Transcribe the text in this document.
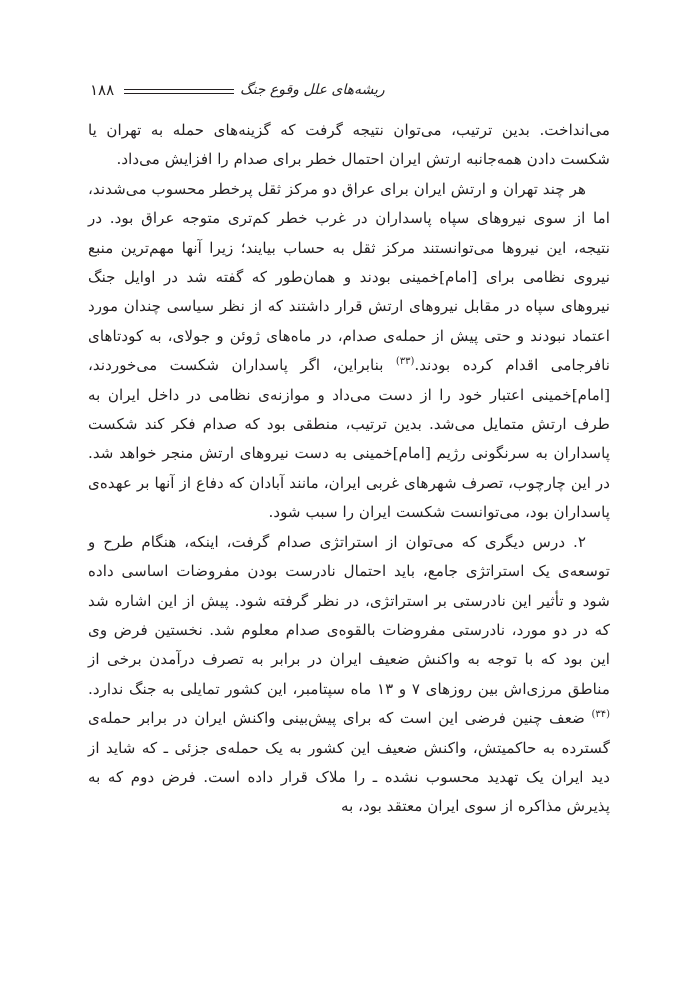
۱۸۸	ریشه‌های علل وقوع جنگ

می‌انداخت. بدین ترتیب، می‌توان نتیجه گرفت که گزینه‌های حمله به تهران یا شکست دادن همه‌جانبه ارتش ایران احتمال خطر برای صدام را افزایش می‌داد.

هر چند تهران و ارتش ایران برای عراق دو مرکز ثقل پرخطر محسوب می‌شدند، اما از سوی نیروهای سپاه پاسداران در غرب خطر کم‌تری متوجه عراق بود. در نتیجه، این نیروها می‌توانستند مرکز ثقل به حساب بیایند؛ زیرا آنها مهم‌ترین منبع نیروی نظامی برای [امام]خمینی بودند و همان‌طور که گفته شد در اوایل جنگ نیروهای سپاه در مقابل نیروهای ارتش قرار داشتند که از نظر سیاسی چندان مورد اعتماد نبودند و حتی پیش از حمله‌ی صدام، در ماه‌های ژوئن و جولای، به کودتاهای نافرجامی اقدام کرده بودند.$^{(۳۳)}$ بنابراین، اگر پاسداران شکست می‌خوردند، [امام]خمینی اعتبار خود را از دست می‌داد و موازنه‌ی نظامی در داخل ایران به طرف ارتش متمایل می‌شد. بدین ترتیب، منطقی بود که صدام فکر کند شکست پاسداران به سرنگونی رژیم [امام]خمینی به دست نیروهای ارتش منجر خواهد شد. در این چارچوب، تصرف شهرهای غربی ایران، مانند آبادان که دفاع از آنها بر عهده‌ی پاسداران بود، می‌توانست شکست ایران را سبب شود.

۲. درس دیگری که می‌توان از استراتژی صدام گرفت، اینکه، هنگام طرح و توسعه‌ی یک استراتژی جامع، باید احتمال نادرست بودن مفروضات اساسی داده شود و تأثیر این نادرستی بر استراتژی، در نظر گرفته شود. پیش از این اشاره شد که در دو مورد، نادرستی مفروضات بالقوه‌ی صدام معلوم شد. نخستین فرض وی این بود که با توجه به واکنش ضعیف ایران در برابر به تصرف درآمدن برخی از مناطق مرزی‌اش بین روزهای ۷ و ۱۳ ماه سپتامبر، این کشور تمایلی به جنگ ندارد.$^{(۳۴)}$ ضعف چنین فرضی این است که برای پیش‌بینی واکنش ایران در برابر حمله‌ی گسترده به حاکمیتش، واکنش ضعیف این کشور به یک حمله‌ی جزئی ـ که شاید از دید ایران یک تهدید محسوب نشده ـ را ملاک قرار داده است. فرض دوم که به پذیرش مذاکره از سوی ایران معتقد بود، به
